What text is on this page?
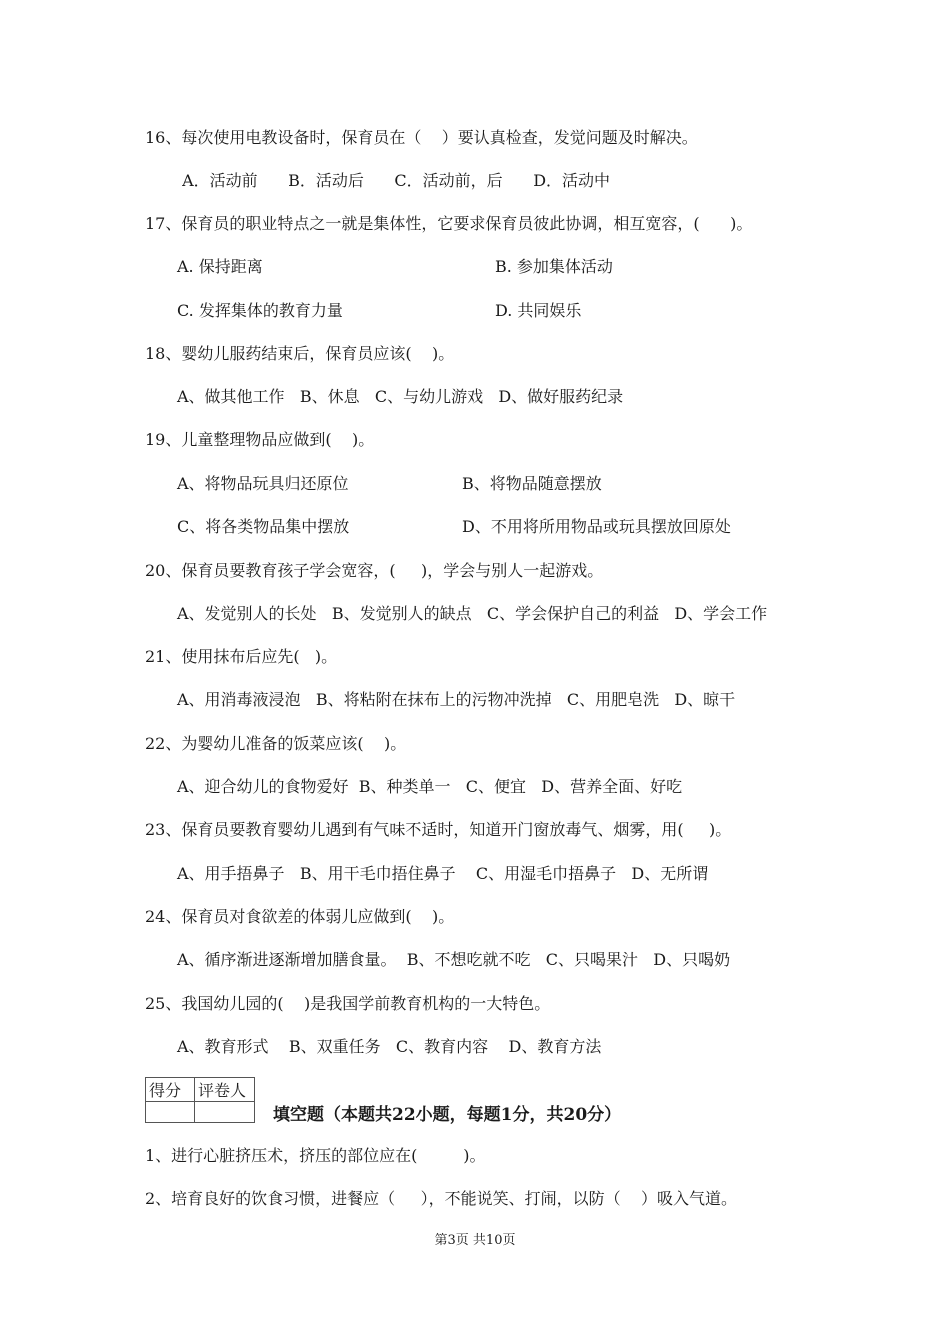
16、每次使用电教设备时，保育员在（    ）要认真检查，发觉问题及时解决。
A．活动前      B．活动后      C．活动前，后      D．活动中
17、保育员的职业特点之一就是集体性，它要求保育员彼此协调，相互宽容，(      )。
A. 保持距离	B. 参加集体活动
C. 发挥集体的教育力量	D. 共同娱乐
18、婴幼儿服药结束后，保育员应该(    )。
A、做其他工作   B、休息   C、与幼儿游戏   D、做好服药纪录
19、儿童整理物品应做到(    )。
A、将物品玩具归还原位	B、将物品随意摆放
C、将各类物品集中摆放	D、不用将所用物品或玩具摆放回原处
20、保育员要教育孩子学会宽容，(     )，学会与别人一起游戏。
A、发觉别人的长处   B、发觉别人的缺点   C、学会保护自己的利益   D、学会工作
21、使用抹布后应先(   )。
A、用消毒液浸泡   B、将粘附在抹布上的污物冲洗掉   C、用肥皂洗   D、晾干
22、为婴幼儿准备的饭菜应该(    )。
A、迎合幼儿的食物爱好  B、种类单一   C、便宜   D、营养全面、好吃
23、保育员要教育婴幼儿遇到有气味不适时，知道开门窗放毒气、烟雾，用(     )。
A、用手捂鼻子   B、用干毛巾捂住鼻子    C、用湿毛巾捂鼻子   D、无所谓
24、保育员对食欲差的体弱儿应做到(    )。
A、循序渐进逐渐增加膳食量。  B、不想吃就不吃   C、只喝果汁   D、只喝奶
25、我国幼儿园的(    )是我国学前教育机构的一大特色。
A、教育形式    B、双重任务   C、教育内容    D、教育方法
得分	评卷人

填空题（本题共22小题，每题1分，共20分）
1、进行心脏挤压术，挤压的部位应在(         )。
2、培育良好的饮食习惯，进餐应（     ），不能说笑、打闹，以防（    ）吸入气道。
第3页 共10页
